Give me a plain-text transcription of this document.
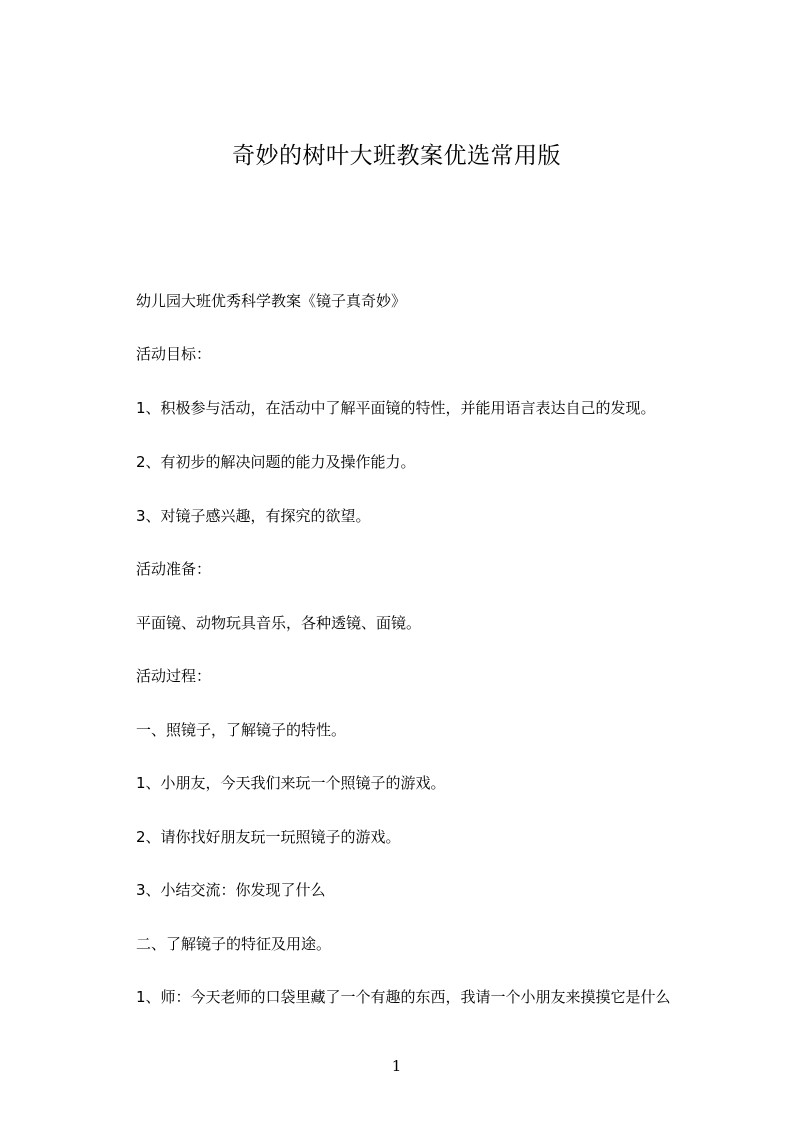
奇妙的树叶大班教案优选常用版
幼儿园大班优秀科学教案《镜子真奇妙》
活动目标：
1、积极参与活动，在活动中了解平面镜的特性，并能用语言表达自己的发现。
2、有初步的解决问题的能力及操作能力。
3、对镜子感兴趣，有探究的欲望。
活动准备：
平面镜、动物玩具音乐，各种透镜、面镜。
活动过程：
一、照镜子，了解镜子的特性。
1、小朋友，今天我们来玩一个照镜子的游戏。
2、请你找好朋友玩一玩照镜子的游戏。
3、小结交流：你发现了什么
二、了解镜子的特征及用途。
1、师：今天老师的口袋里藏了一个有趣的东西，我请一个小朋友来摸摸它是什么
1
